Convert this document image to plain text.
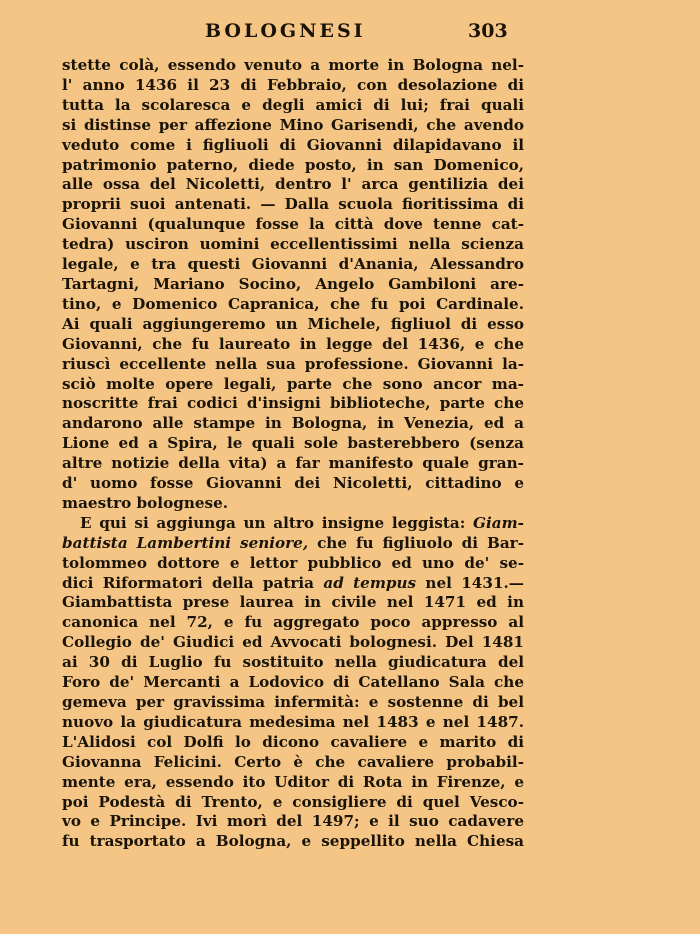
BOLOGNESI	303
stette colà, essendo venuto a morte in Bologna nel-
l' anno 1436 il 23 di Febbraio, con desolazione di
tutta la scolaresca e degli amici di lui; frai quali
si distinse per affezione Mino Garisendi, che avendo
veduto come i figliuoli di Giovanni dilapidavano il
patrimonio paterno, diede posto, in san Domenico,
alle ossa del Nicoletti, dentro l' arca gentilizia dei
proprii suoi antenati. — Dalla scuola fioritissima di
Giovanni (qualunque fosse la città dove tenne cat-
tedra) usciron uomini eccellentissimi nella scienza
legale, e tra questi Giovanni d'Anania, Alessandro
Tartagni, Mariano Socino, Angelo Gambiloni are-
tino, e Domenico Capranica, che fu poi Cardinale.
Ai quali aggiungeremo un Michele, figliuol di esso
Giovanni, che fu laureato in legge del 1436, e che
riuscì eccellente nella sua professione. Giovanni la-
sciò molte opere legali, parte che sono ancor ma-
noscritte frai codici d'insigni biblioteche, parte che
andarono alle stampe in Bologna, in Venezia, ed a
Lione ed a Spira, le quali sole basterebbero (senza
altre notizie della vita) a far manifesto quale gran-
d' uomo fosse Giovanni dei Nicoletti, cittadino e
maestro bolognese.
E qui si aggiunga un altro insigne leggista: Giam-
battista Lambertini seniore, che fu figliuolo di Bar-
tolommeo dottore e lettor pubblico ed uno de' se-
dici Riformatori della patria ad tempus nel 1431.—
Giambattista prese laurea in civile nel 1471 ed in
canonica nel 72, e fu aggregato poco appresso al
Collegio de' Giudici ed Avvocati bolognesi. Del 1481
ai 30 di Luglio fu sostituito nella giudicatura del
Foro de' Mercanti a Lodovico di Catellano Sala che
gemeva per gravissima infermità: e sostenne di bel
nuovo la giudicatura medesima nel 1483 e nel 1487.
L'Alidosi col Dolfi lo dicono cavaliere e marito di
Giovanna Felicini. Certo è che cavaliere probabil-
mente era, essendo ito Uditor di Rota in Firenze, e
poi Podestà di Trento, e consigliere di quel Vesco-
vo e Principe. Ivi morì del 1497; e il suo cadavere
fu trasportato a Bologna, e seppellito nella Chiesa
